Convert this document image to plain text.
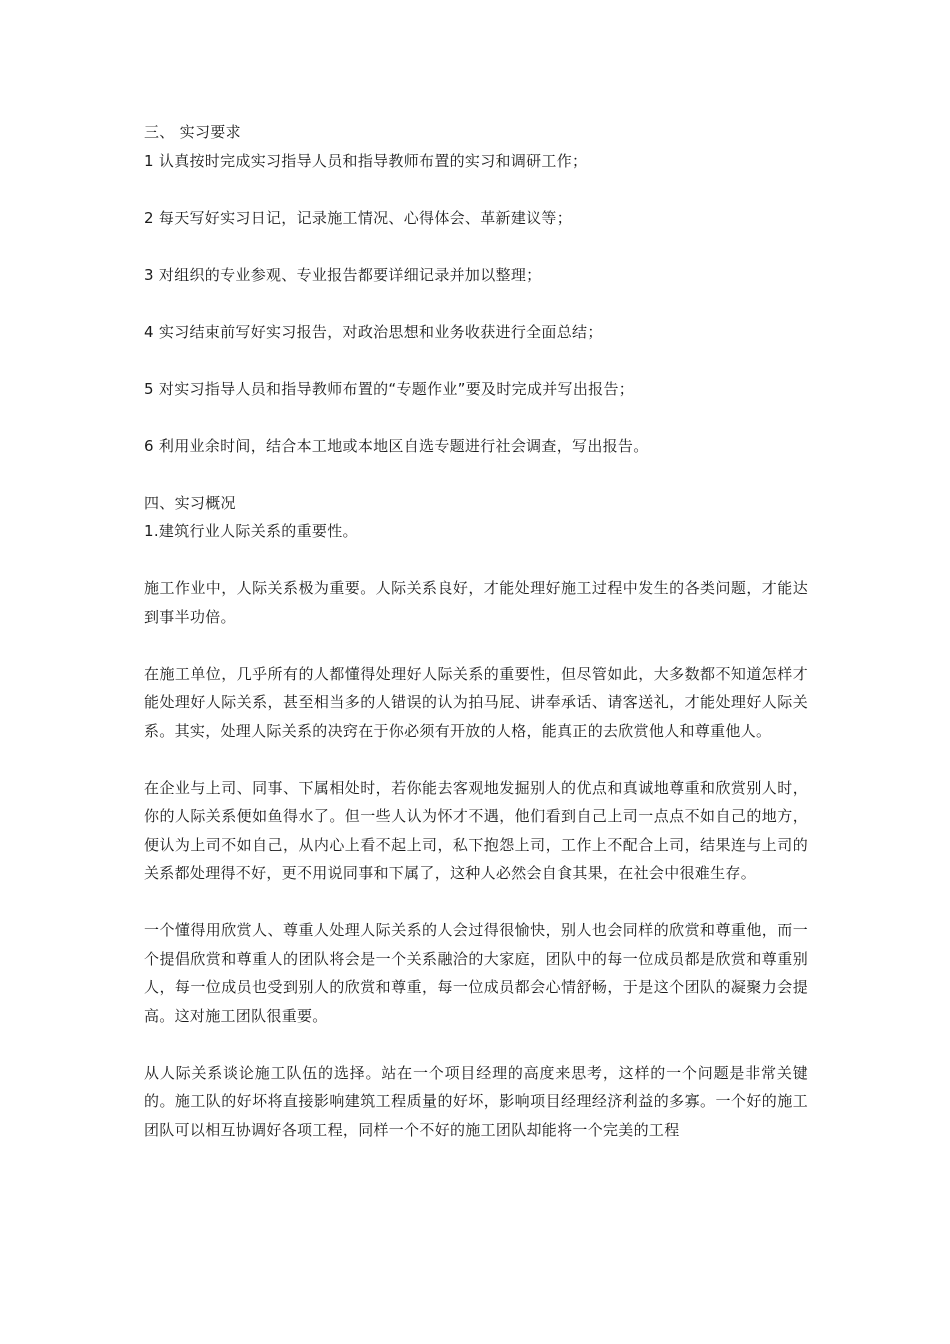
三、 实习要求

1 认真按时完成实习指导人员和指导教师布置的实习和调研工作；

2 每天写好实习日记，记录施工情况、心得体会、革新建议等；

3 对组织的专业参观、专业报告都要详细记录并加以整理；

4 实习结束前写好实习报告，对政治思想和业务收获进行全面总结；

5 对实习指导人员和指导教师布置的“专题作业”要及时完成并写出报告；

6 利用业余时间，结合本工地或本地区自选专题进行社会调查，写出报告。

四、实习概况

1.建筑行业人际关系的重要性。

施工作业中，人际关系极为重要。人际关系良好，才能处理好施工过程中发生的各类问题，才能达到事半功倍。

在施工单位，几乎所有的人都懂得处理好人际关系的重要性，但尽管如此，大多数都不知道怎样才能处理好人际关系，甚至相当多的人错误的认为拍马屁、讲奉承话、请客送礼，才能处理好人际关系。其实，处理人际关系的决窍在于你必须有开放的人格，能真正的去欣赏他人和尊重他人。

在企业与上司、同事、下属相处时，若你能去客观地发掘别人的优点和真诚地尊重和欣赏别人时，你的人际关系便如鱼得水了。但一些人认为怀才不遇，他们看到自己上司一点点不如自己的地方，便认为上司不如自己，从内心上看不起上司，私下抱怨上司，工作上不配合上司，结果连与上司的关系都处理得不好，更不用说同事和下属了，这种人必然会自食其果，在社会中很难生存。

一个懂得用欣赏人、尊重人处理人际关系的人会过得很愉快，别人也会同样的欣赏和尊重他，而一个提倡欣赏和尊重人的团队将会是一个关系融洽的大家庭，团队中的每一位成员都是欣赏和尊重别人，每一位成员也受到别人的欣赏和尊重，每一位成员都会心情舒畅，于是这个团队的凝聚力会提高。这对施工团队很重要。

从人际关系谈论施工队伍的选择。站在一个项目经理的高度来思考，这样的一个问题是非常关键的。施工队的好坏将直接影响建筑工程质量的好坏，影响项目经理经济利益的多寡。一个好的施工团队可以相互协调好各项工程，同样一个不好的施工团队却能将一个完美的工程
